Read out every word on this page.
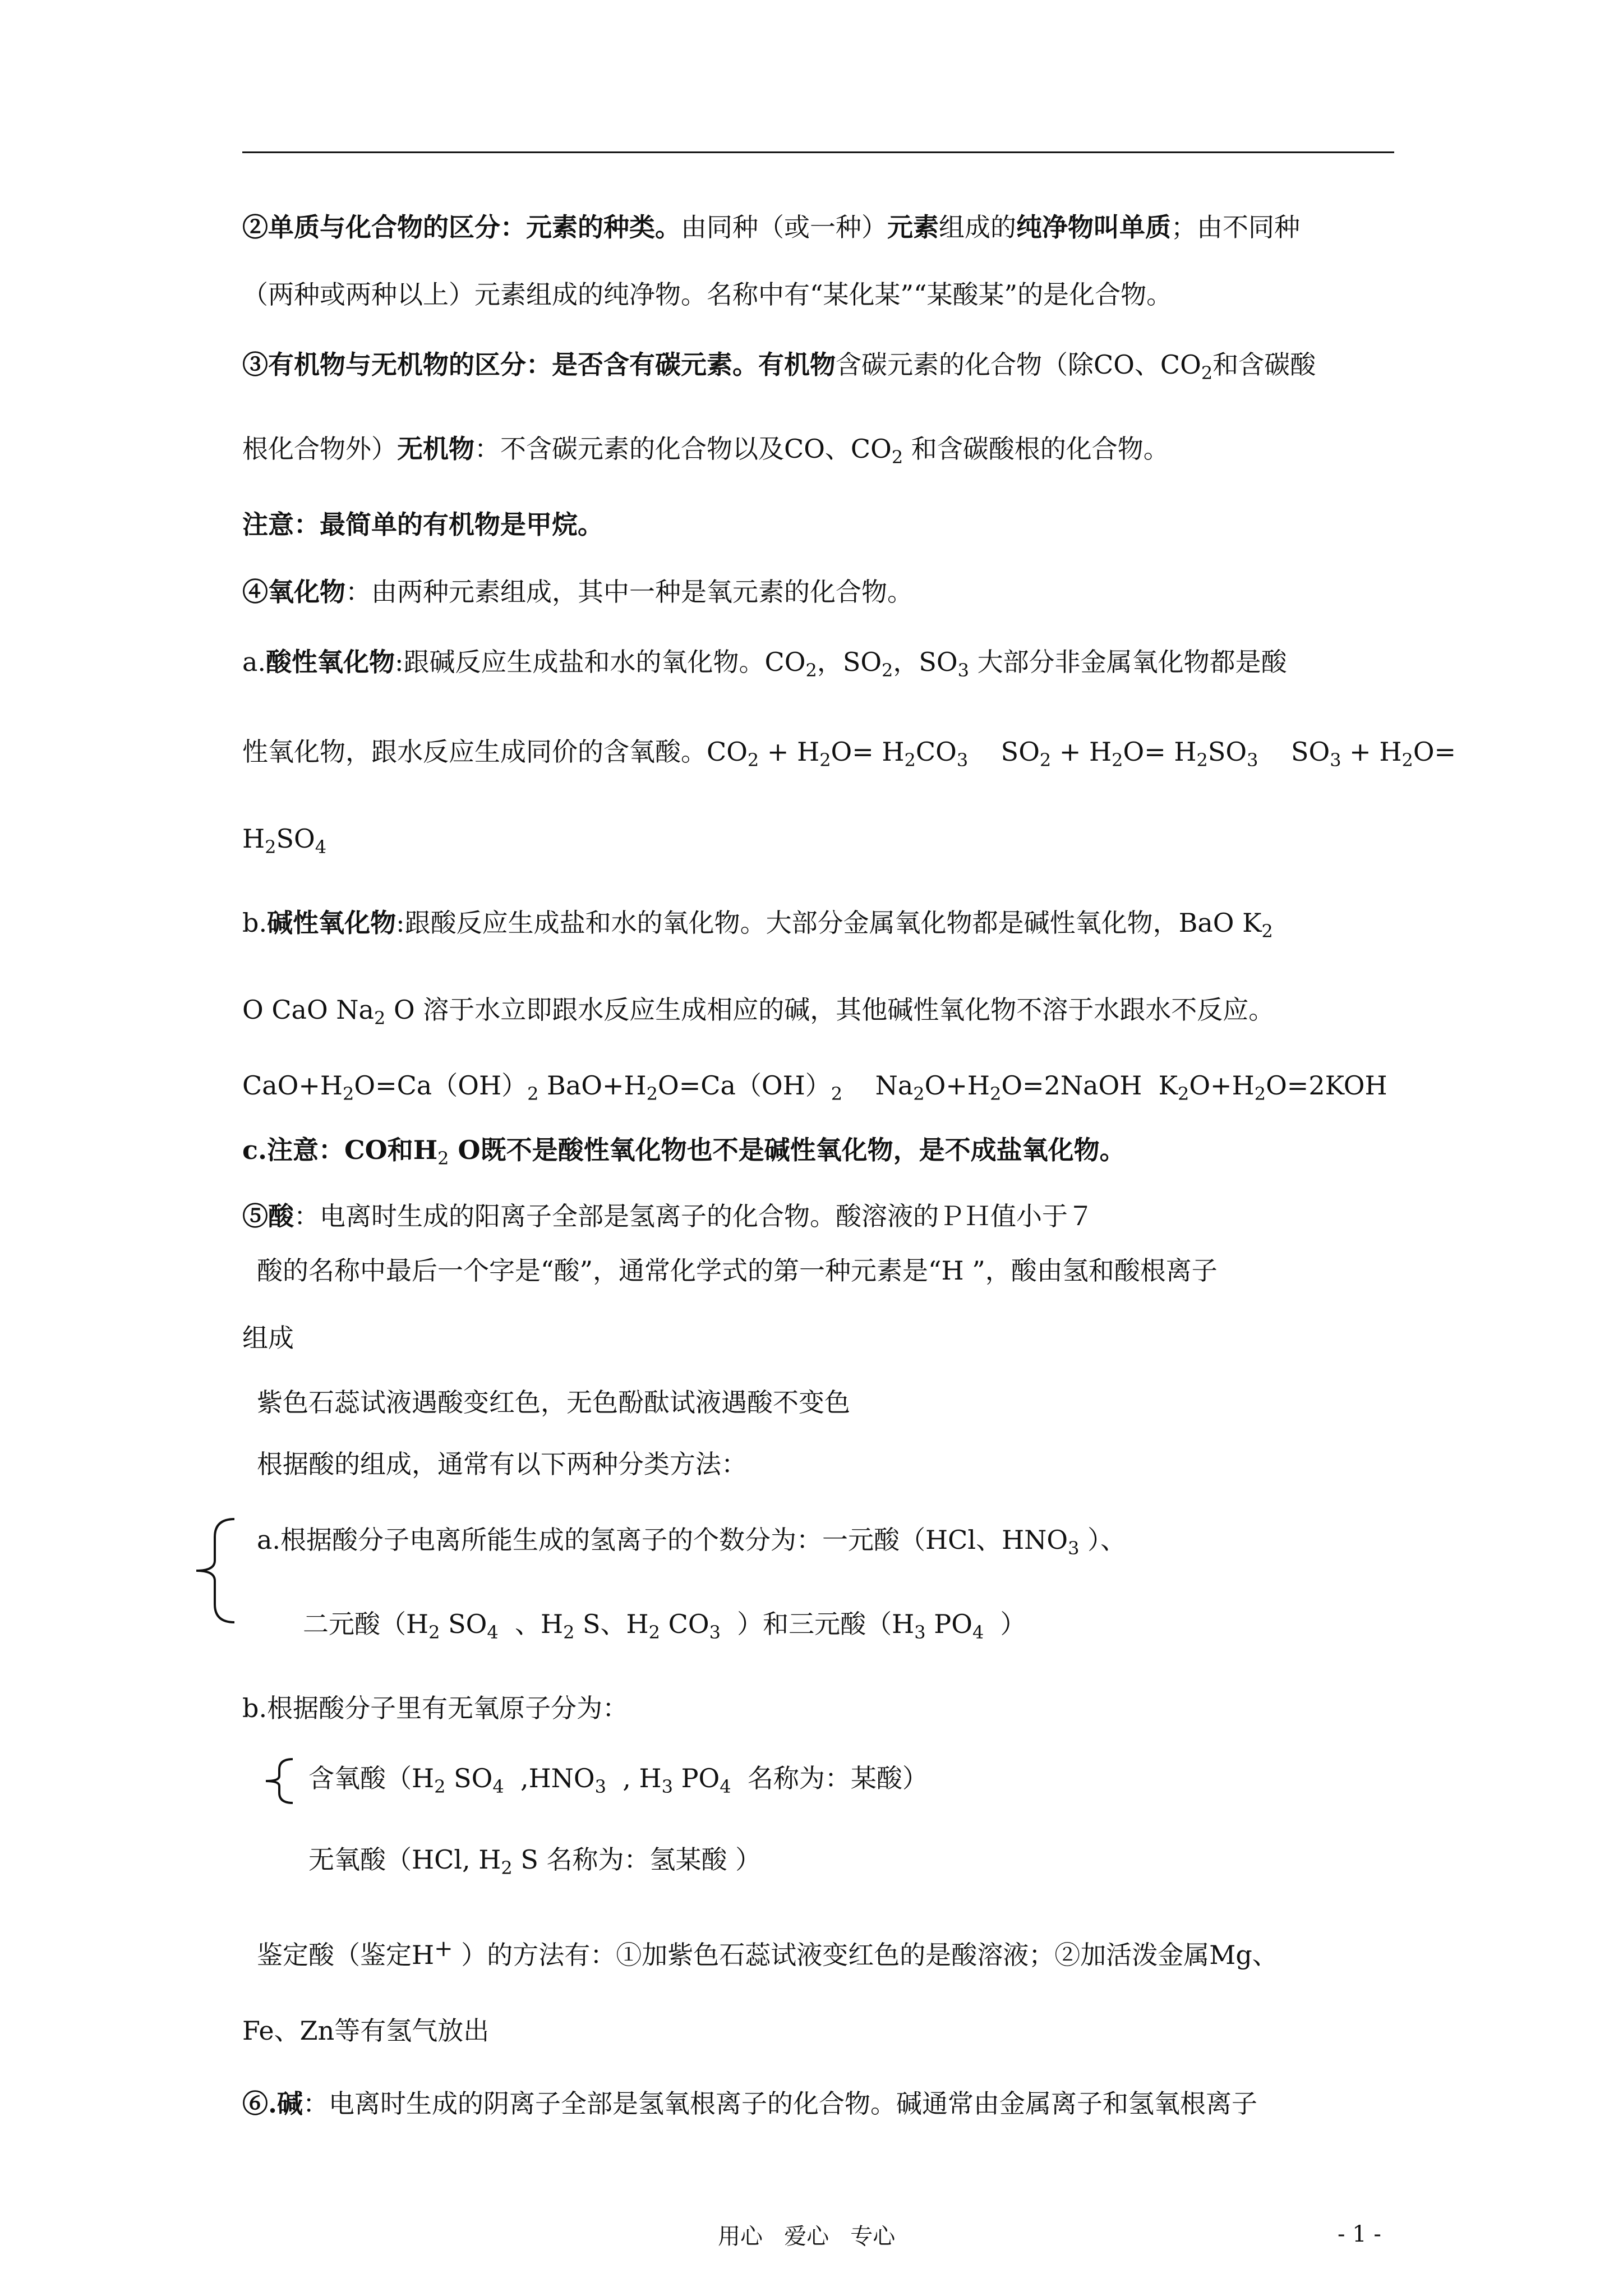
②单质与化合物的区分：元素的种类。由同种（或一种）元素组成的纯净物叫单质；由不同种
（两种或两种以上）元素组成的纯净物。名称中有“某化某”“某酸某”的是化合物。
③有机物与无机物的区分：是否含有碳元素。有机物含碳元素的化合物（除CO、$CO_2$和含碳酸
根化合物外）无机物：不含碳元素的化合物以及CO、$CO_2$ 和含碳酸根的化合物。
注意：最简单的有机物是甲烷。
④氧化物：由两种元素组成，其中一种是氧元素的化合物。
a.酸性氧化物:跟碱反应生成盐和水的氧化物。$CO_2$，$SO_2$，$SO_3$ 大部分非金属氧化物都是酸
性氧化物，跟水反应生成同价的含氧酸。$CO_2 + H_2O= H_2CO_3$    $SO_2 + H_2O= H_2SO_3$    $SO_3 + H_2O=$
$H_2SO_4$
b.碱性氧化物:跟酸反应生成盐和水的氧化物。大部分金属氧化物都是碱性氧化物，BaO $K_2$
O CaO $Na_2$ O 溶于水立即跟水反应生成相应的碱，其他碱性氧化物不溶于水跟水不反应。
$CaO+H_2O=Ca(OH)_2$ $BaO+H_2O=Ca(OH)_2$    $Na_2O+H_2O=2NaOH$  $K_2O+H_2O=2KOH$
c.注意：CO和$H_2$ O既不是酸性氧化物也不是碱性氧化物，是不成盐氧化物。
⑤酸：电离时生成的阳离子全部是氢离子的化合物。酸溶液的ＰＨ值小于７
酸的名称中最后一个字是“酸”，通常化学式的第一种元素是“H ”，酸由氢和酸根离子
组成
紫色石蕊试液遇酸变红色，无色酚酞试液遇酸不变色
根据酸的组成，通常有以下两种分类方法：
a.根据酸分子电离所能生成的氢离子的个数分为：一元酸（HCl、$HNO_3$ ）、
二元酸（$H_2$ $SO_4$  、$H_2$ S、$H_2$ $CO_3$  ）和三元酸（$H_3$ $PO_4$  ）
b.根据酸分子里有无氧原子分为：
含氧酸（$H_2$ $SO_4$  $,HNO_3$  , $H_3$ $PO_4$  名称为：某酸）
无氧酸（HCl, $H_2$ S 名称为：氢某酸 ）
鉴定酸（鉴定H+ ）的方法有：①加紫色石蕊试液变红色的是酸溶液；②加活泼金属Mg、
Fe、Zn等有氢气放出
⑥.碱：电离时生成的阴离子全部是氢氧根离子的化合物。碱通常由金属离子和氢氧根离子
用心   爱心   专心	- 1 -
